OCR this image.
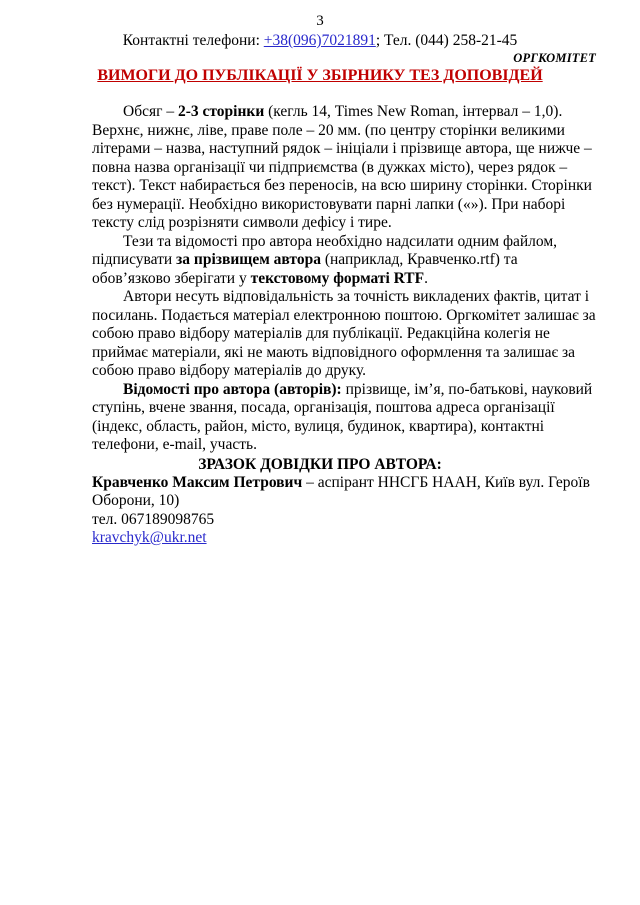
3
Контактні телефони: +38(096)7021891; Тел. (044) 258-21-45
ОРГКОМІТЕТ
ВИМОГИ ДО ПУБЛІКАЦІЇ У ЗБІРНИКУ ТЕЗ ДОПОВІДЕЙ

Обсяг – 2-3 сторінки (кегль 14, Times New Roman, інтервал – 1,0). Верхнє, нижнє, ліве, праве поле – 20 мм. (по центру сторінки великими літерами – назва, наступний рядок – ініціали і прізвище автора, ще нижче – повна назва організації чи підприємства (в дужках місто), через рядок – текст). Текст набирається без переносів, на всю ширину сторінки. Сторінки без нумерації. Необхідно використовувати парні лапки («»). При наборі тексту слід розрізняти символи дефісу і тире.

Тези та відомості про автора необхідно надсилати одним файлом, підписувати за прізвищем автора (наприклад, Кравченко.rtf) та обов’язково зберігати у текстовому форматі RTF.

Автори несуть відповідальність за точність викладених фактів, цитат і посилань. Подається матеріал електронною поштою. Оргкомітет залишає за собою право відбору матеріалів для публікації. Редакційна колегія не приймає матеріали, які не мають відповідного оформлення та залишає за собою право відбору матеріалів до друку.

Відомості про автора (авторів): прізвище, ім’я, по-батькові, науковий ступінь, вчене звання, посада, організація, поштова адреса організації (індекс, область, район, місто, вулиця, будинок, квартира), контактні телефони, e-mail, участь.

ЗРАЗОК ДОВІДКИ ПРО АВТОРА:

Кравченко Максим Петрович – аспірант ННСГБ НААН, Київ вул. Героїв Оборони, 10)

тел. 067189098765

kravchyk@ukr.net
